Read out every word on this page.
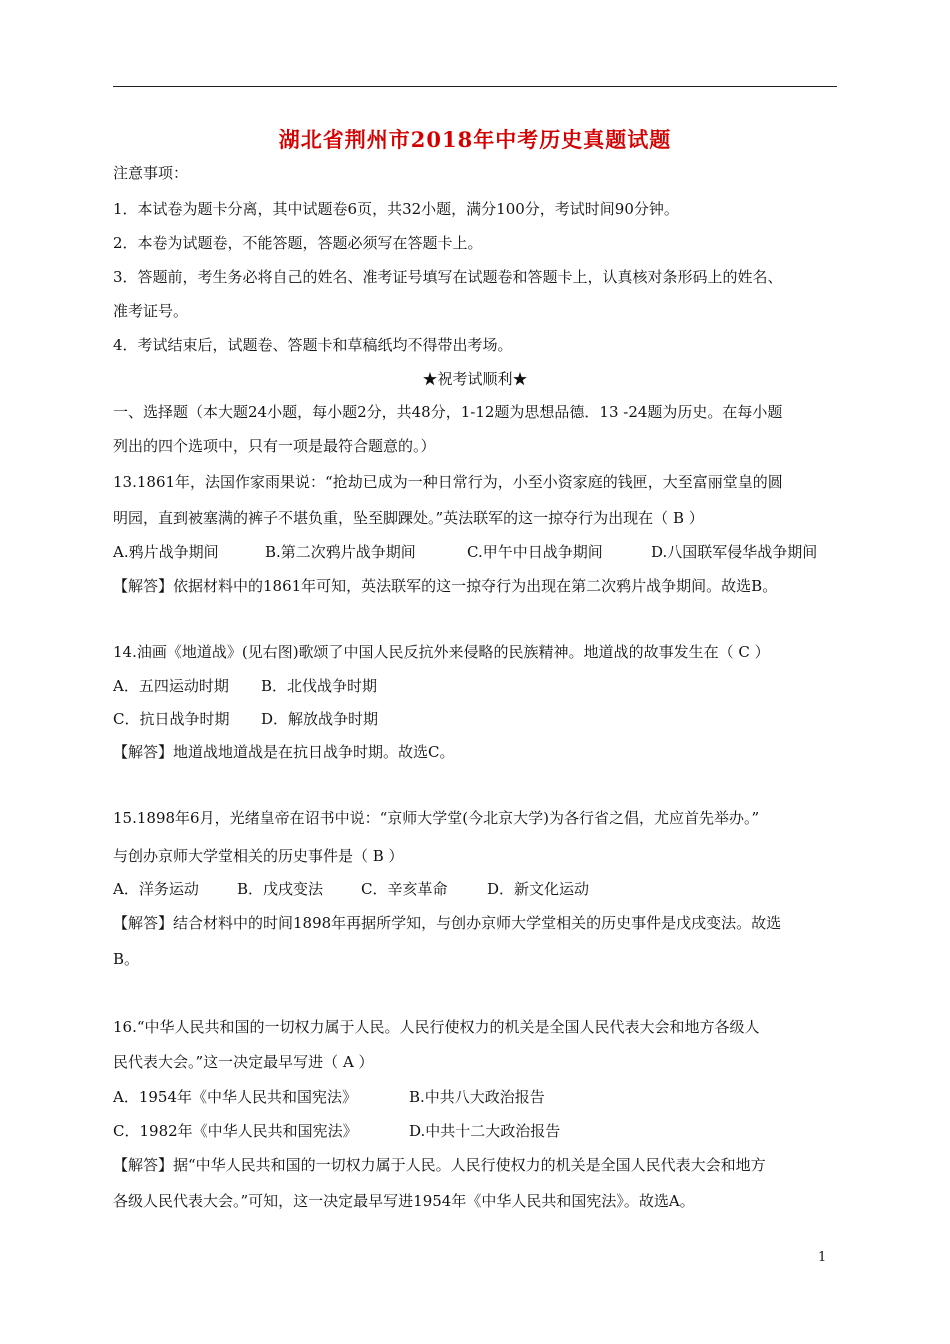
湖北省荆州市2018年中考历史真题试题
注意事项：
1．本试卷为题卡分离，其中试题卷6页，共32小题，满分100分，考试时间90分钟。
2．本卷为试题卷，不能答题，答题必须写在答题卡上。
3．答题前，考生务必将自己的姓名、准考证号填写在试题卷和答题卡上，认真核对条形码上的姓名、
准考证号。
4．考试结束后，试题卷、答题卡和草稿纸均不得带出考场。
★祝考试顺利★
一、选择题（本大题24小题，每小题2分，共48分，1-12题为思想品德．13 -24题为历史。在每小题
列出的四个选项中，只有一项是最符合题意的。）
13.1861年，法国作家雨果说：“抢劫已成为一种日常行为，小至小资家庭的钱匣，大至富丽堂皇的圆
明园，直到被塞满的裤子不堪负重，坠至脚踝处。”英法联军的这一掠夺行为出现在（ B ）
A.鸦片战争期间	B.第二次鸦片战争期间	C.甲午中日战争期间	D.八国联军侵华战争期间
【解答】依据材料中的1861年可知，英法联军的这一掠夺行为出现在第二次鸦片战争期间。故选B。
14.油画《地道战》(见右图)歌颂了中国人民反抗外来侵略的民族精神。地道战的故事发生在（ C ）
A．五四运动时期 B．北伐战争时期
C．抗日战争时期 D．解放战争时期
【解答】地道战地道战是在抗日战争时期。故选C。
15.1898年6月，光绪皇帝在诏书中说：“京师大学堂(今北京大学)为各行省之倡，尤应首先举办。”
与创办京师大学堂相关的历史事件是（ B ）
A．洋务运动	B．戊戌变法	C．辛亥革命	D．新文化运动
【解答】结合材料中的时间1898年再据所学知，与创办京师大学堂相关的历史事件是戊戌变法。故选
B。
16.“中华人民共和国的一切权力属于人民。人民行使权力的机关是全国人民代表大会和地方各级人
民代表大会。”这一决定最早写进（ A ）
A．1954年《中华人民共和国宪法》	B.中共八大政治报告
C．1982年《中华人民共和国宪法》	D.中共十二大政治报告
【解答】据“中华人民共和国的一切权力属于人民。人民行使权力的机关是全国人民代表大会和地方
各级人民代表大会。”可知，这一决定最早写进1954年《中华人民共和国宪法》。故选A。
1
